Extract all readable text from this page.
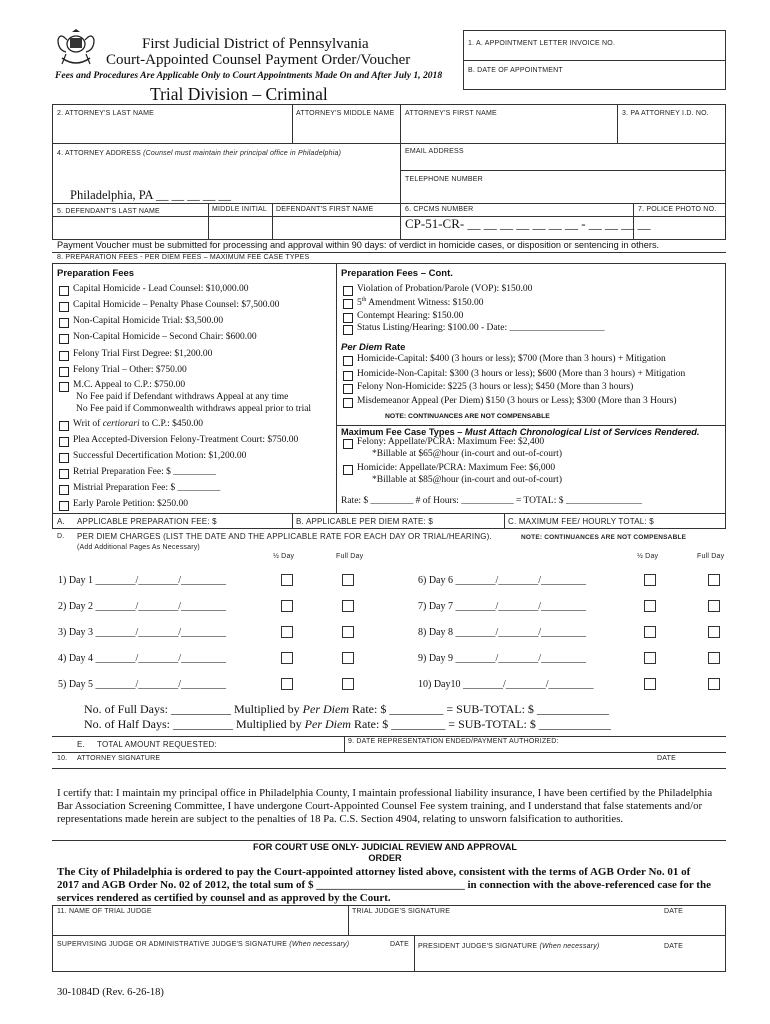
First Judicial District of Pennsylvania
Court-Appointed Counsel Payment Order/Voucher
Fees and Procedures Are Applicable Only to Court Appointments Made On and After July 1, 2018
Trial Division – Criminal
1. A. APPOINTMENT LETTER INVOICE NO.
B. DATE OF APPOINTMENT
2. ATTORNEY'S LAST NAME	ATTORNEY'S MIDDLE NAME ATTORNEY'S FIRST NAME	3. PA ATTORNEY I.D. NO.
4. ATTORNEY ADDRESS (Counsel must maintain their principal office in Philadelphia)	EMAIL ADDRESS
TELEPHONE NUMBER
Philadelphia, PA __ __ __ __ __
5. DEFENDANT'S LAST NAME	MIDDLE INITIAL DEFENDANT'S FIRST NAME	6. CPCMS NUMBER
CP-51-CR- __ __ __ __ __ __ __ - __ __ __ __
7. POLICE PHOTO NO.
Payment Voucher must be submitted for processing and approval within 90 days: of verdict in homicide cases, or disposition or sentencing in others.
8. PREPARATION FEES - PER DIEM FEES – MAXIMUM FEE CASE TYPES
Preparation Fees
Capital Homicide - Lead Counsel: $10,000.00
Capital Homicide – Penalty Phase Counsel: $7,500.00
Non-Capital Homicide Trial: $3,500.00
Non-Capital Homicide – Second Chair: $600.00
Felony Trial First Degree: $1,200.00
Felony Trial – Other: $750.00
M.C. Appeal to C.P.: $750.00
No Fee paid if Defendant withdraws Appeal at any time
No Fee paid if Commonwealth withdraws appeal prior to trial
Writ of certiorari to C.P.: $450.00
Plea Accepted-Diversion Felony-Treatment Court: $750.00
Successful Decertification Motion: $1,200.00
Retrial Preparation Fee: $ _________
Mistrial Preparation Fee: $ _________
Early Parole Petition: $250.00
Preparation Fees – Cont.
Per Diem Rate
NOTE: CONTINUANCES ARE NOT COMPENSABLE
Maximum Fee Case Types – Must Attach Chronological List of Services Rendered.
Rate: $ _________ # of Hours: ___________ = TOTAL: $ ________________
Violation of Probation/Parole (VOP): $150.00
5th Amendment Witness: $150.00
Contempt Hearing: $150.00
Status Listing/Hearing: $100.00 - Date: ____________________
Homicide-Capital: $400 (3 hours or less); $700 (More than 3 hours) + Mitigation
Homicide-Non-Capital: $300 (3 hours or less); $600 (More than 3 hours) + Mitigation
Felony Non-Homicide: $225 (3 hours or less); $450 (More than 3 hours)
Misdemeanor Appeal (Per Diem) $150 (3 hours or Less); $300 (More than 3 Hours)
Felony: Appellate/PCRA: Maximum Fee: $2,400
Homicide: Appellate/PCRA: Maximum Fee: $6,000
*Billable at $65@hour (in-court and out-of-court)
*Billable at $85@hour (in-court and out-of-court)
A. APPLICABLE PREPARATION FEE: $	B. APPLICABLE PER DIEM RATE: $	C. MAXIMUM FEE/ HOURLY TOTAL: $
D. PER DIEM CHARGES (LIST THE DATE AND THE APPLICABLE RATE FOR EACH DAY OR TRIAL/HEARING).	NOTE: CONTINUANCES ARE NOT COMPENSABLE
(Add Additional Pages As Necessary)
½ Day	Full Day	½ Day	Full Day
1) Day 1 ________/________/_________	6) Day 6 ________/________/_________
2) Day 2 ________/________/_________	7) Day 7 ________/________/_________
3) Day 3 ________/________/_________	8) Day 8 ________/________/_________
4) Day 4 ________/________/_________	9) Day 9 ________/________/_________
5) Day 5 ________/________/_________	10) Day10 ________/________/_________
No. of Full Days: __________ Multiplied by Per Diem Rate: $ _________ = SUB-TOTAL: $ ____________
No. of Half Days: __________ Multiplied by Per Diem Rate: $ _________ = SUB-TOTAL: $ ____________
E. TOTAL AMOUNT REQUESTED:	9. DATE REPRESENTATION ENDED/PAYMENT AUTHORIZED:
10. ATTORNEY SIGNATURE	DATE
I certify that: I maintain my principal office in Philadelphia County, I maintain professional liability insurance, I have been certified by the Philadelphia Bar Association Screening Committee, I have undergone Court-Appointed Counsel Fee system training, and I understand that false statements and/or representations made herein are subject to the penalties of 18 Pa. C.S. Section 4904, relating to unsworn falsification to authorities.
FOR COURT USE ONLY- JUDICIAL REVIEW AND APPROVAL
ORDER
The City of Philadelphia is ordered to pay the Court-appointed attorney listed above, consistent with the terms of AGB Order No. 01 of
2017 and AGB Order No. 02 of 2012, the total sum of $ ___________________________ in connection with the above-referenced case for the
services rendered as certified by counsel and as approved by the Court.
11. NAME OF TRIAL JUDGE	TRIAL JUDGE'S SIGNATURE	DATE
SUPERVISING JUDGE OR ADMINISTRATIVE JUDGE'S SIGNATURE (When necessary)	DATE PRESIDENT JUDGE'S SIGNATURE (When necessary)	DATE
30-1084D (Rev. 6-26-18)
